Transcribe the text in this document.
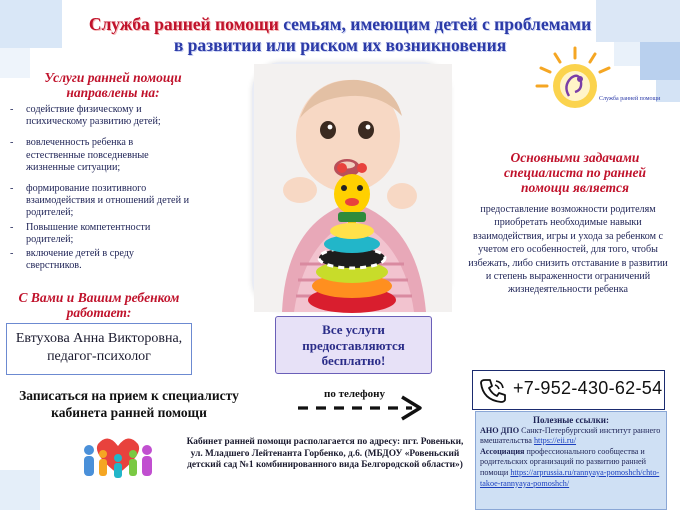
Служба ранней помощи семьям, имеющим детей с проблемами
в развитии или риском их возникновения
Служба ранней помощи
Услуги ранней помощи направлены на:
- содействие физическому и психическому развитию детей;
- вовлеченность ребенка в естественные повседневные жизненные ситуации;
- формирование позитивного взаимодействия и отношений детей и родителей;
- Повышение компетентности родителей;
- включение детей в среду сверстников.
С Вами и Вашим ребенком работает:
Евтухова Анна Викторовна,
педагог-психолог
Все услуги предоставляются бесплатно!
Основными задачами специалиста по ранней помощи является
предоставление возможности родителям приобретать необходимые навыки взаимодействия, игры и ухода за ребенком с учетом его особенностей, для того, чтобы избежать, либо снизить отставание в развитии и степень выраженности ограничений жизнедеятельности ребенка
Записаться на прием к специалисту кабинета ранней помощи
по телефону	+7-952-430-62-54
Кабинет ранней помощи располагается по адресу: пгт. Ровеньки, ул. Младшего Лейтенанта Горбенко, д.6. (МБДОУ «Ровеньский детский сад №1 комбинированного вида Белгородской области»)
Полезные ссылки:
АНО ДПО Санкт-Петербургский институт раннего вмешательства https://eii.ru/
Ассоциация профессионального сообщества и родительских организаций по развитию ранней помощи https://arprussia.ru/rannyaya-pomoshch/chto-takoe-rannyaya-pomoshch/
